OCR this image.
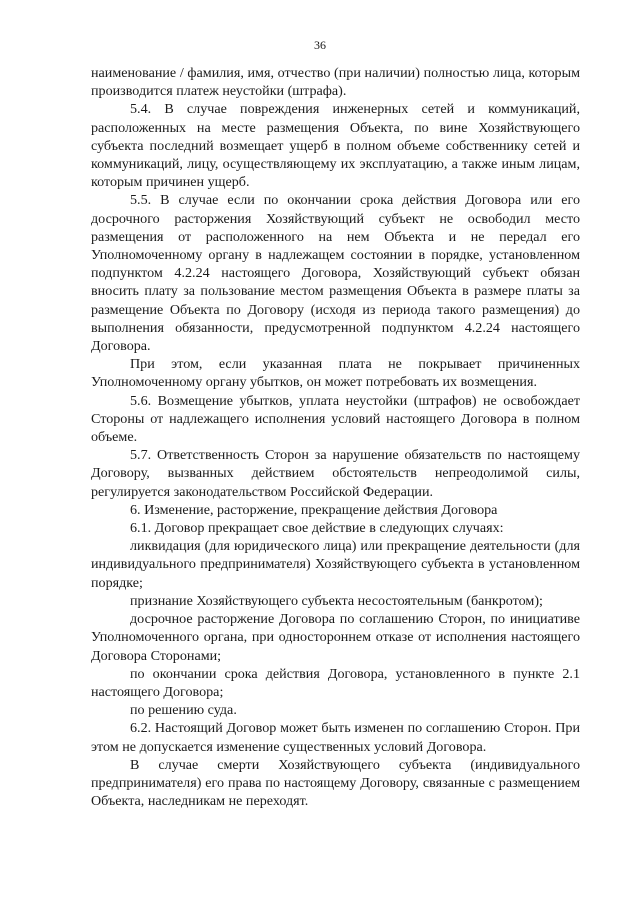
36

наименование / фамилия, имя, отчество (при наличии) полностью лица, которым производится платеж неустойки (штрафа).

5.4. В случае повреждения инженерных сетей и коммуникаций, расположенных на месте размещения Объекта, по вине Хозяйствующего субъекта последний возмещает ущерб в полном объеме собственнику сетей и коммуникаций, лицу, осуществляющему их эксплуатацию, а также иным лицам, которым причинен ущерб.

5.5. В случае если по окончании срока действия Договора или его досрочного расторжения Хозяйствующий субъект не освободил место размещения от расположенного на нем Объекта и не передал его Уполномоченному органу в надлежащем состоянии в порядке, установленном подпунктом 4.2.24 настоящего Договора, Хозяйствующий субъект обязан вносить плату за пользование местом размещения Объекта в размере платы за размещение Объекта по Договору (исходя из периода такого размещения) до выполнения обязанности, предусмотренной подпунктом 4.2.24 настоящего Договора.

При этом, если указанная плата не покрывает причиненных Уполномоченному органу убытков, он может потребовать их возмещения.

5.6. Возмещение убытков, уплата неустойки (штрафов) не освобождает Стороны от надлежащего исполнения условий настоящего Договора в полном объеме.

5.7. Ответственность Сторон за нарушение обязательств по настоящему Договору, вызванных действием обстоятельств непреодолимой силы, регулируется законодательством Российской Федерации.

6. Изменение, расторжение, прекращение действия Договора

6.1. Договор прекращает свое действие в следующих случаях:

ликвидация (для юридического лица) или прекращение деятельности (для индивидуального предпринимателя) Хозяйствующего субъекта в установленном порядке;

признание Хозяйствующего субъекта несостоятельным (банкротом);

досрочное расторжение Договора по соглашению Сторон, по инициативе Уполномоченного органа, при одностороннем отказе от исполнения настоящего Договора Сторонами;

по окончании срока действия Договора, установленного в пункте 2.1 настоящего Договора;

по решению суда.

6.2. Настоящий Договор может быть изменен по соглашению Сторон. При этом не допускается изменение существенных условий Договора.

В случае смерти Хозяйствующего субъекта (индивидуального предпринимателя) его права по настоящему Договору, связанные с размещением Объекта, наследникам не переходят.
